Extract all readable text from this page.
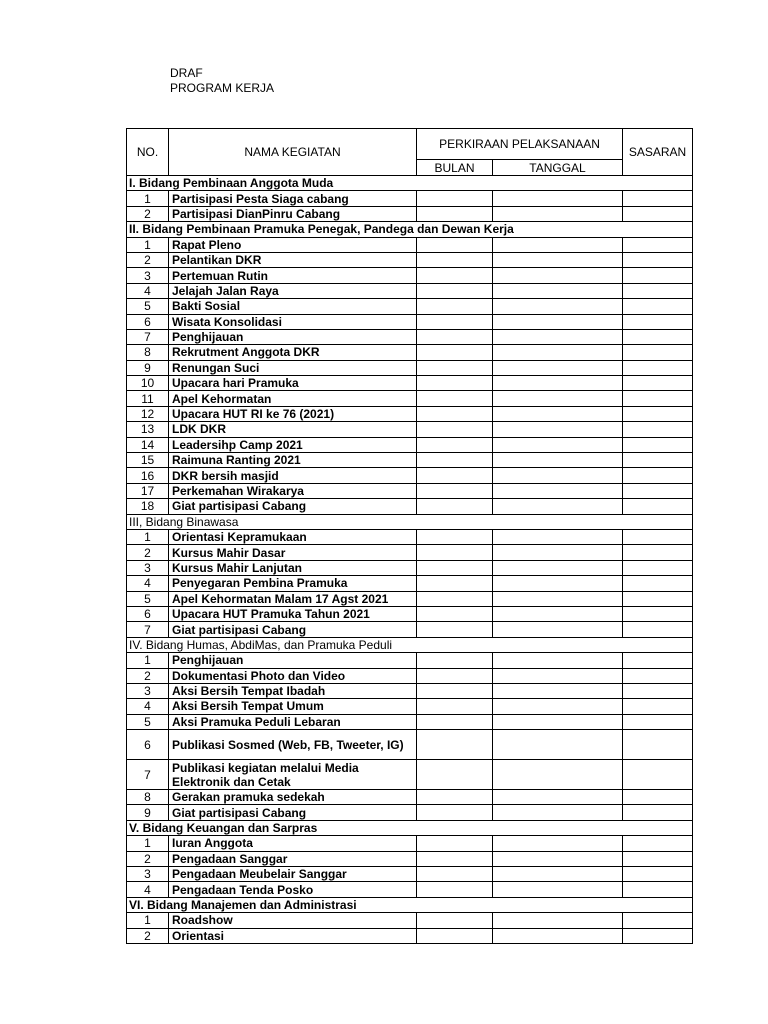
DRAF
PROGRAM KERJA
NO.	NAMA KEGIATAN	PERKIRAAN PELAKSANAAN		SASARAN
		BULAN	TANGGAL	
I. Bidang Pembinaan Anggota Muda				
1	Partisipasi Pesta Siaga cabang			
2	Partisipasi DianPinru Cabang			
II. Bidang Pembinaan Pramuka Penegak, Pandega dan Dewan Kerja				
1	Rapat Pleno			
2	Pelantikan DKR			
3	Pertemuan Rutin			
4	Jelajah Jalan Raya			
5	Bakti Sosial			
6	Wisata Konsolidasi			
7	Penghijauan			
8	Rekrutment Anggota DKR			
9	Renungan Suci			
10	Upacara hari Pramuka			
11	Apel Kehormatan			
12	Upacara HUT RI ke 76 (2021)			
13	LDK DKR			
14	Leadersihp Camp 2021			
15	Raimuna Ranting 2021			
16	DKR bersih masjid			
17	Perkemahan Wirakarya			
18	Giat partisipasi Cabang			
III, Bidang Binawasa				
1	Orientasi Kepramukaan			
2	Kursus Mahir Dasar			
3	Kursus Mahir Lanjutan			
4	Penyegaran Pembina Pramuka			
5	Apel Kehormatan Malam 17 Agst 2021			
6	Upacara HUT Pramuka Tahun 2021			
7	Giat partisipasi Cabang			
IV. Bidang Humas, AbdiMas, dan Pramuka Peduli				
1	Penghijauan			
2	Dokumentasi Photo dan Video			
3	Aksi Bersih Tempat Ibadah			
4	Aksi Bersih Tempat Umum			
5	Aksi Pramuka Peduli Lebaran			
6	Publikasi Sosmed (Web, FB, Tweeter, IG)			
7	Publikasi kegiatan melalui Media Elektronik dan Cetak			
8	Gerakan pramuka sedekah			
9	Giat partisipasi Cabang			
V. Bidang Keuangan dan Sarpras				
1	Iuran Anggota			
2	Pengadaan Sanggar			
3	Pengadaan Meubelair Sanggar			
4	Pengadaan Tenda Posko			
VI. Bidang Manajemen dan Administrasi				
1	Roadshow			
2	Orientasi			
